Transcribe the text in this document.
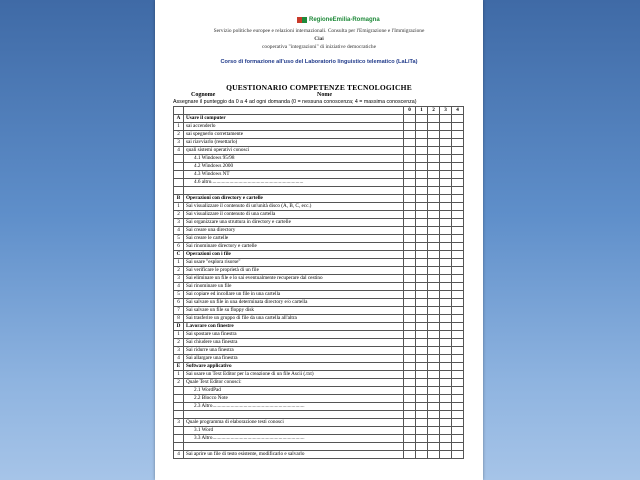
RegioneEmilia-Romagna
Servizio politiche europee e relazioni internazionali. Consulta per l'Emigrazione e l'Immigrazione
Ciai
cooperativa "integrazioni" di iniziative democratiche
Corso di formazione all'uso del Laboratorio linguistico telematico (LaLiTa)
QUESTIONARIO COMPETENZE TECNOLOGICHE
Cognome	Nome
Assegnare il punteggio da 0 a 4 ad ogni domanda (0 = nessuna conoscenza; 4 = massima conoscenza)
		0	1	2	3	4
A	Usare il computer					
1	sai accenderlo					
2	sai spegnerlo correttamente					
3	sai riavviarlo (resettarlo)					
4	quali sistemi operativi conosci					
	4.1 Windows 95/98					
	4.2 Windows 2000					
	4.3 Windows NT					
	4.6 altro.......................................................................					

B	Operazioni con directory e cartelle					
1	Sai visualizzare il contenuto di un'unità disco (A, B, C, ecc.)					
2	Sai visualizzare il contenuto di una cartella					
3	Sai organizzare una struttura in directory e cartelle					
4	Sai creare una directory					
5	Sai creare le cartelle					
6	Sai rinominare directory e cartelle					
C	Operazioni con i file					
1	Sai usare "esplora risorse"					
2	Sai verificare le proprietà di un file					
3	Sai eliminare un file e lo sai eventualmente recuperare dal cestino					
4	Sai rinominare un file					
5	Sai copiare ed incollare un file in una cartella					
6	Sai salvare un file in una determinata directory e/o cartella					
7	Sai salvare un file su floppy disk					
8	Sai trasferire un gruppo di file da una cartella all'altra					
D	Lavorare con finestre					
1	Sai spostare una finestra					
2	Sai chiudere una finestra					
3	Sai ridurre una finestra					
4	Sai allargare una finestra					
E	Software applicativo					
1	Sai usare un Text Editor per la creazione di un file Ascii (.txt)					
2	Quale Text Editor conosci:					
	2.1 WordPad					
	2.2 Blocco Note					
	2.3 Altro.......................................................................					

3	Quale programma di elaborazione testi conosci					
	3.1 Word					
	3.3 Altro.......................................................................					

4	Sai aprire un file di testo esistente, modificarlo e salvarlo					
